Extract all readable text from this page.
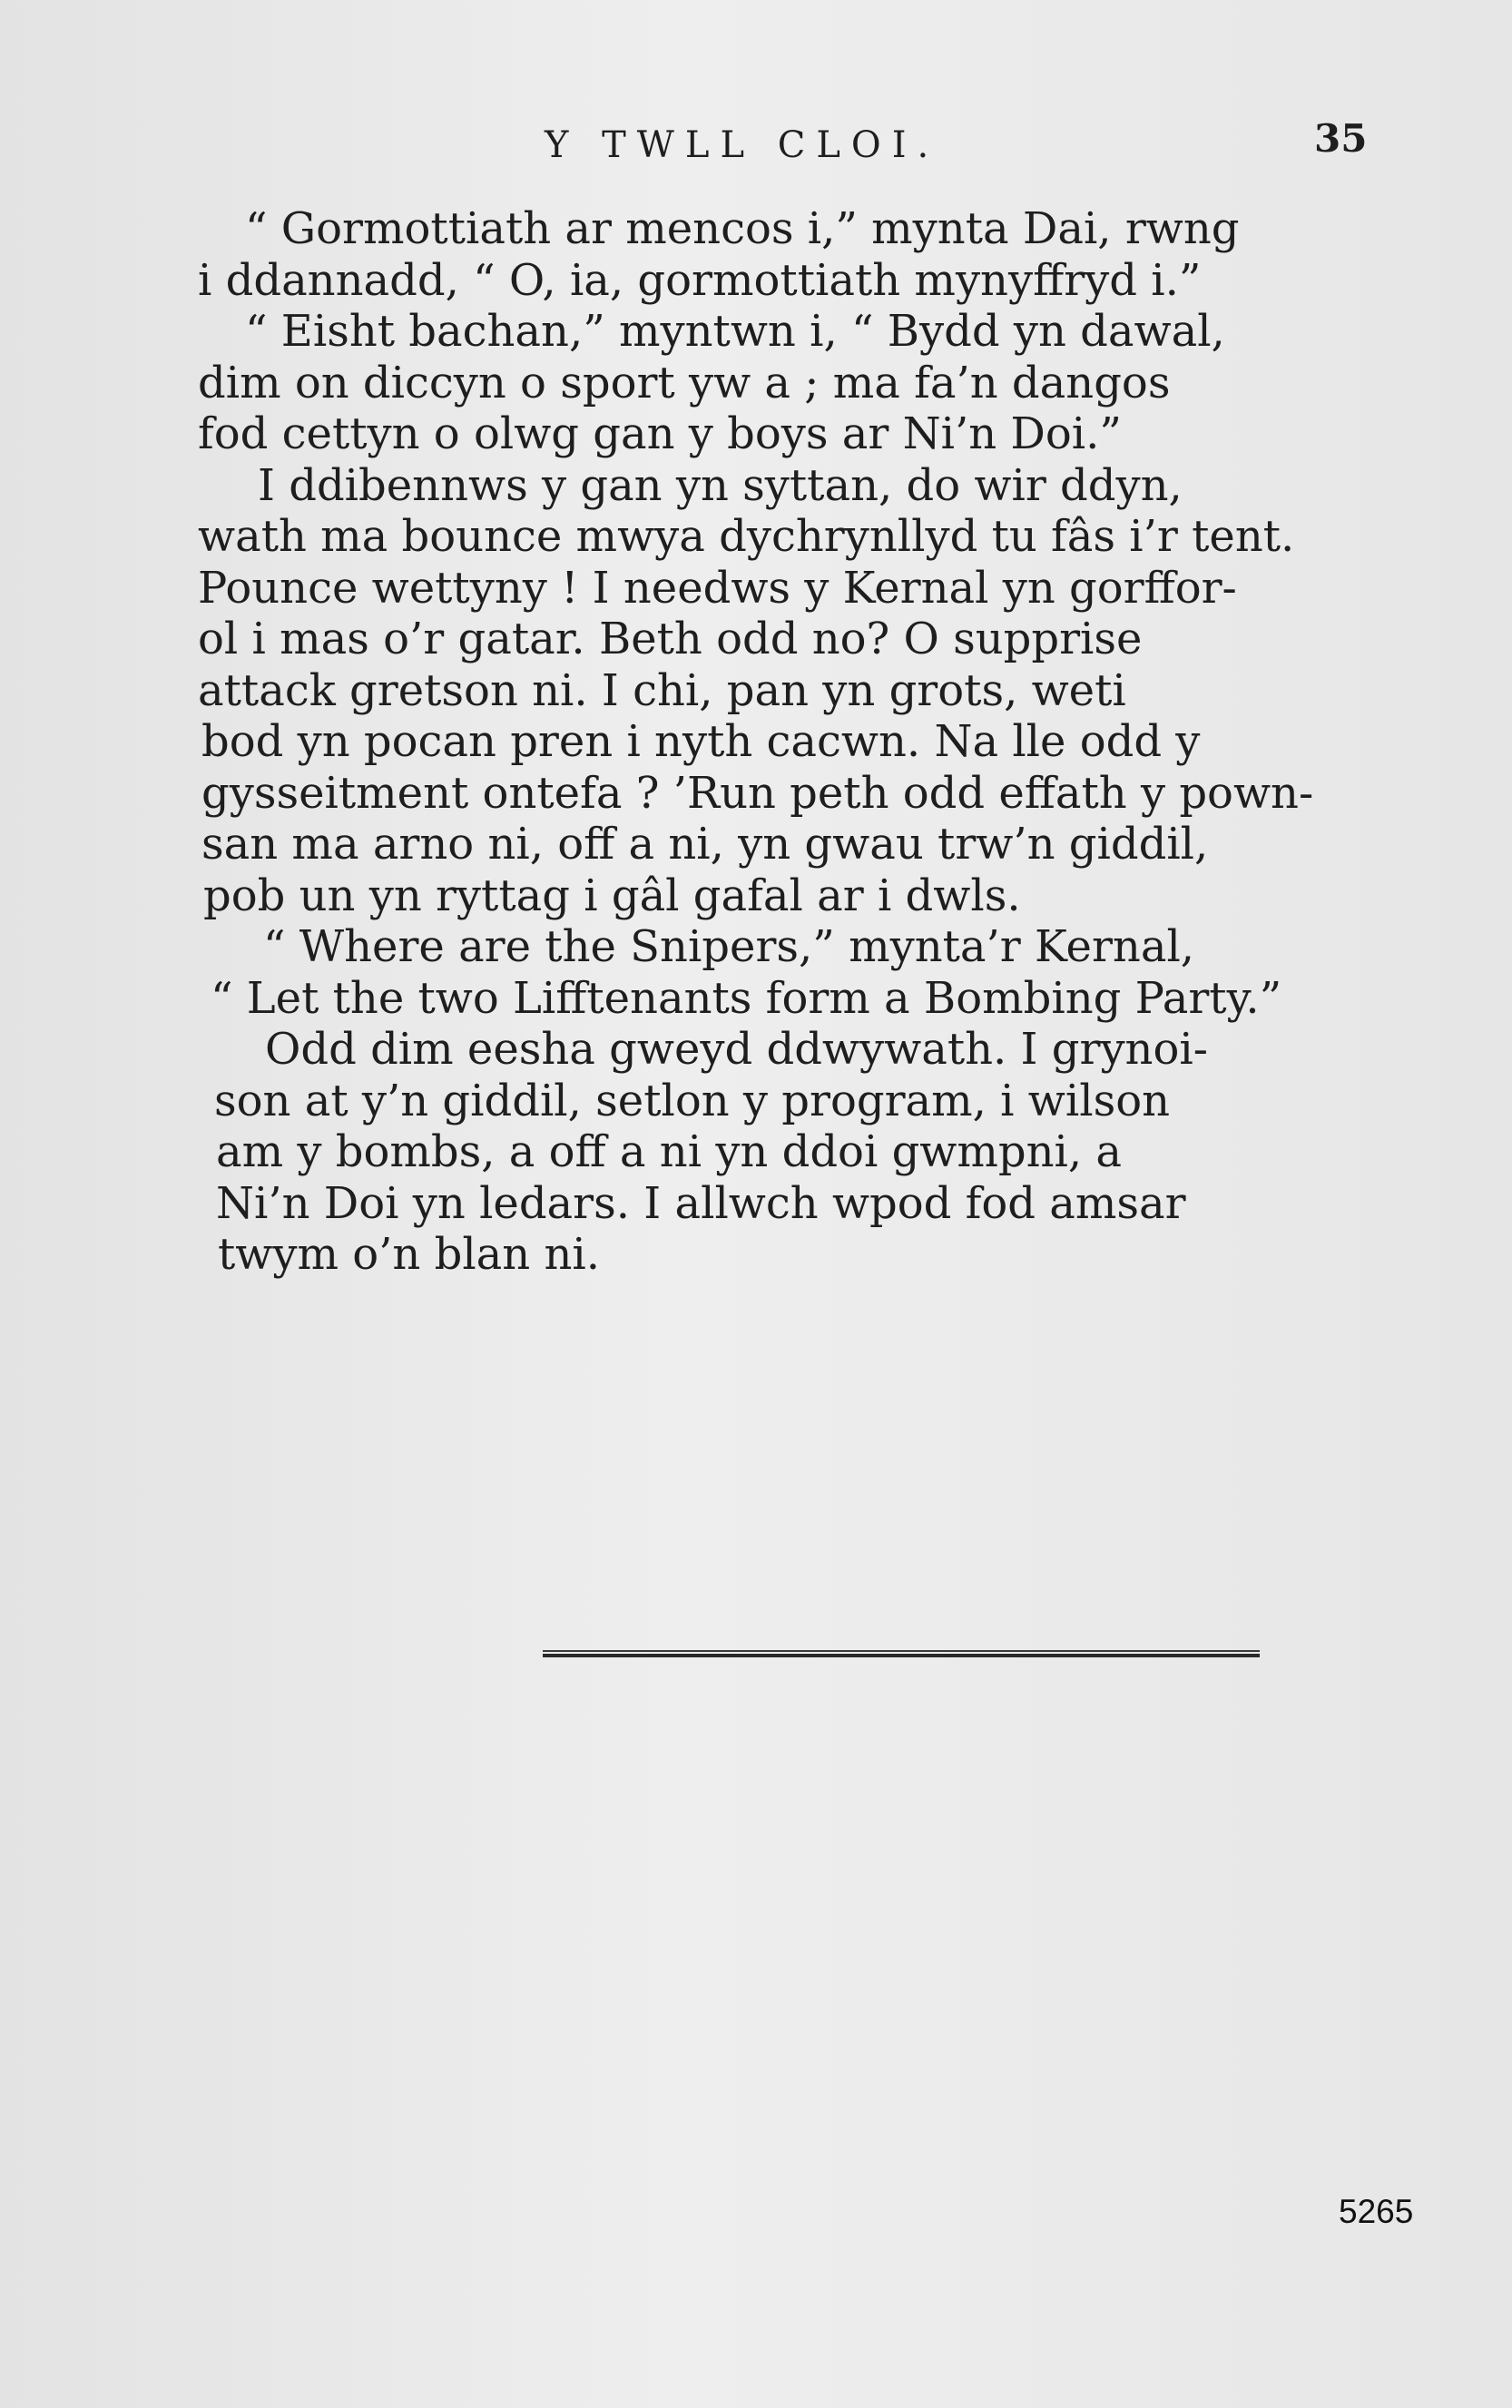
Y TWLL CLOI.	35
“ Gormottiath ar mencos i,” mynta Dai, rwng
i ddannadd, “ O, ia, gormottiath mynyffryd i.”
“ Eisht bachan,” myntwn i, “ Bydd yn dawal,
dim on diccyn o sport yw a ; ma fa’n dangos
fod cettyn o olwg gan y boys ar Ni’n Doi.”
I ddibennws y gan yn syttan, do wir ddyn,
wath ma bounce mwya dychrynllyd tu fâs i’r tent.
Pounce wettyny ! I needws y Kernal yn gorffor-
ol i mas o’r gatar. Beth odd no? O supprise
attack gretson ni. I chi, pan yn grots, weti
bod yn pocan pren i nyth cacwn. Na lle odd y
gysseitment ontefa ? ’Run peth odd effath y pown-
san ma arno ni, off a ni, yn gwau trw’n giddil,
pob un yn ryttag i gâl gafal ar i dwls.
“ Where are the Snipers,” mynta’r Kernal,
“ Let the two Lifftenants form a Bombing Party.”
Odd dim eesha gweyd ddwywath. I grynoi-
son at y’n giddil, setlon y program, i wilson
am y bombs, a off a ni yn ddoi gwmpni, a
Ni’n Doi yn ledars. I allwch wpod fod amsar
twym o’n blan ni.
5265
